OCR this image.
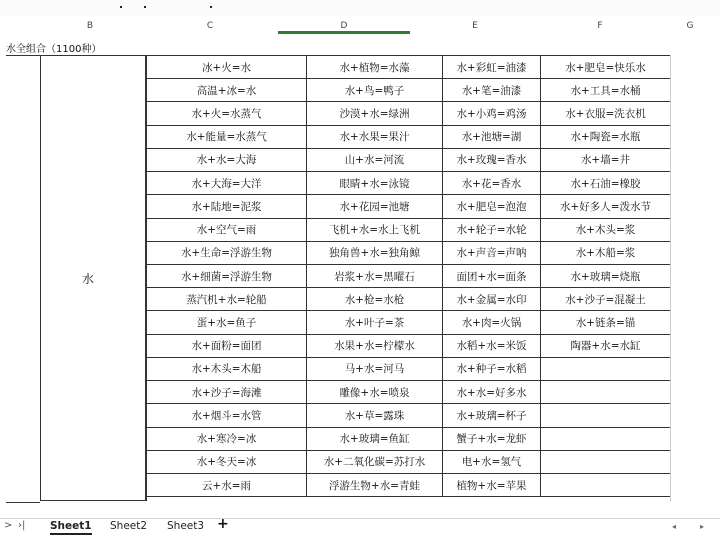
B	C	D	E	F	G
水全组合（1100种）
水
冰+火=水	水+植物=水藻	水+彩虹=油漆	水+肥皂=快乐水
高温+冰=水	水+鸟=鸭子	水+笔=油漆	水+工具=水桶
水+火=水蒸气	沙漠+水=绿洲	水+小鸡=鸡汤	水+衣服=洗衣机
水+能量=水蒸气	水+水果=果汁	水+池塘=湖	水+陶瓷=水瓶
水+水=大海	山+水=河流	水+玫瑰=香水	水+墙=井
水+大海=大洋	眼睛+水=泳镜	水+花=香水	水+石油=橡胶
水+陆地=泥浆	水+花园=池塘	水+肥皂=泡泡	水+好多人=泼水节
水+空气=雨	飞机+水=水上飞机	水+轮子=水轮	水+木头=浆
水+生命=浮游生物	独角兽+水=独角鲸	水+声音=声呐	水+木船=浆
水+细菌=浮游生物	岩浆+水=黑曜石	面团+水=面条	水+玻璃=烧瓶
蒸汽机+水=轮船	水+枪=水枪	水+金属=水印	水+沙子=混凝土
蛋+水=鱼子	水+叶子=茶	水+肉=火锅	水+链条=锚
水+面粉=面团	水果+水=柠檬水	水稻+水=米饭	陶器+水=水缸
水+木头=木船	马+水=河马	水+种子=水稻
水+沙子=海滩	雕像+水=喷泉	水+水=好多水
水+烟斗=水管	水+草=露珠	水+玻璃=杯子
水+寒冷=冰	水+玻璃=鱼缸	蟹子+水=龙虾
水+冬天=冰	水+二氧化碳=苏打水	电+水=氢气
云+水=雨	浮游生物+水=青蛙	植物+水=苹果
> ›| Sheet1 Sheet2 Sheet3 +	◂	▸
